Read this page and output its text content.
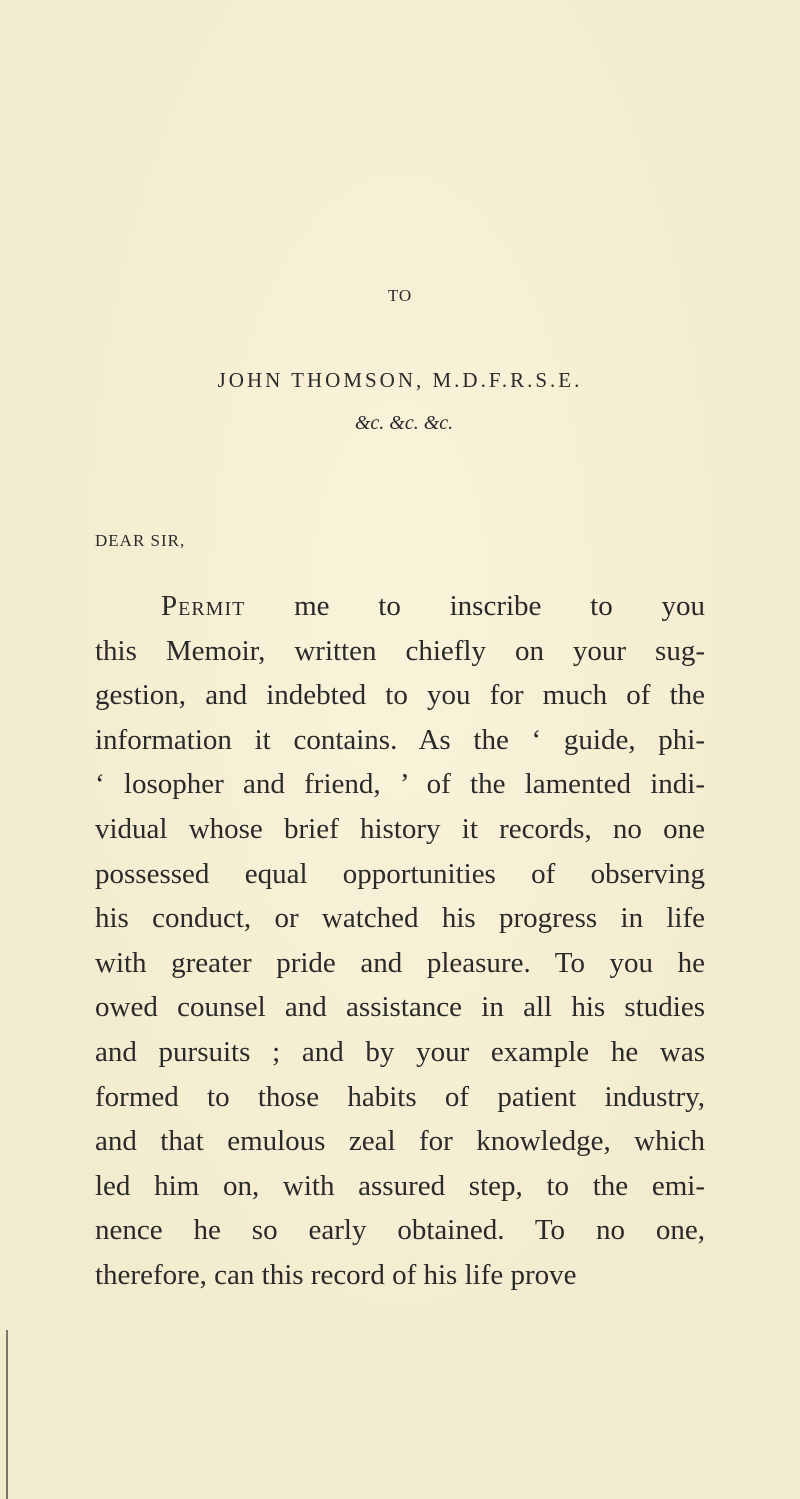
TO
JOHN THOMSON, M.D.F.R.S.E.
&c. &c. &c.
DEAR SIR,
Permit me to inscribe to you
this Memoir, written chiefly on your sug-
gestion, and indebted to you for much of the
information it contains. As the ‘ guide, phi-
‘ losopher and friend, ’ of the lamented indi-
vidual whose brief history it records, no one
possessed equal opportunities of observing
his conduct, or watched his progress in life
with greater pride and pleasure. To you he
owed counsel and assistance in all his studies
and pursuits ; and by your example he was
formed to those habits of patient industry,
and that emulous zeal for knowledge, which
led him on, with assured step, to the emi-
nence he so early obtained. To no one,
therefore, can this record of his life prove
